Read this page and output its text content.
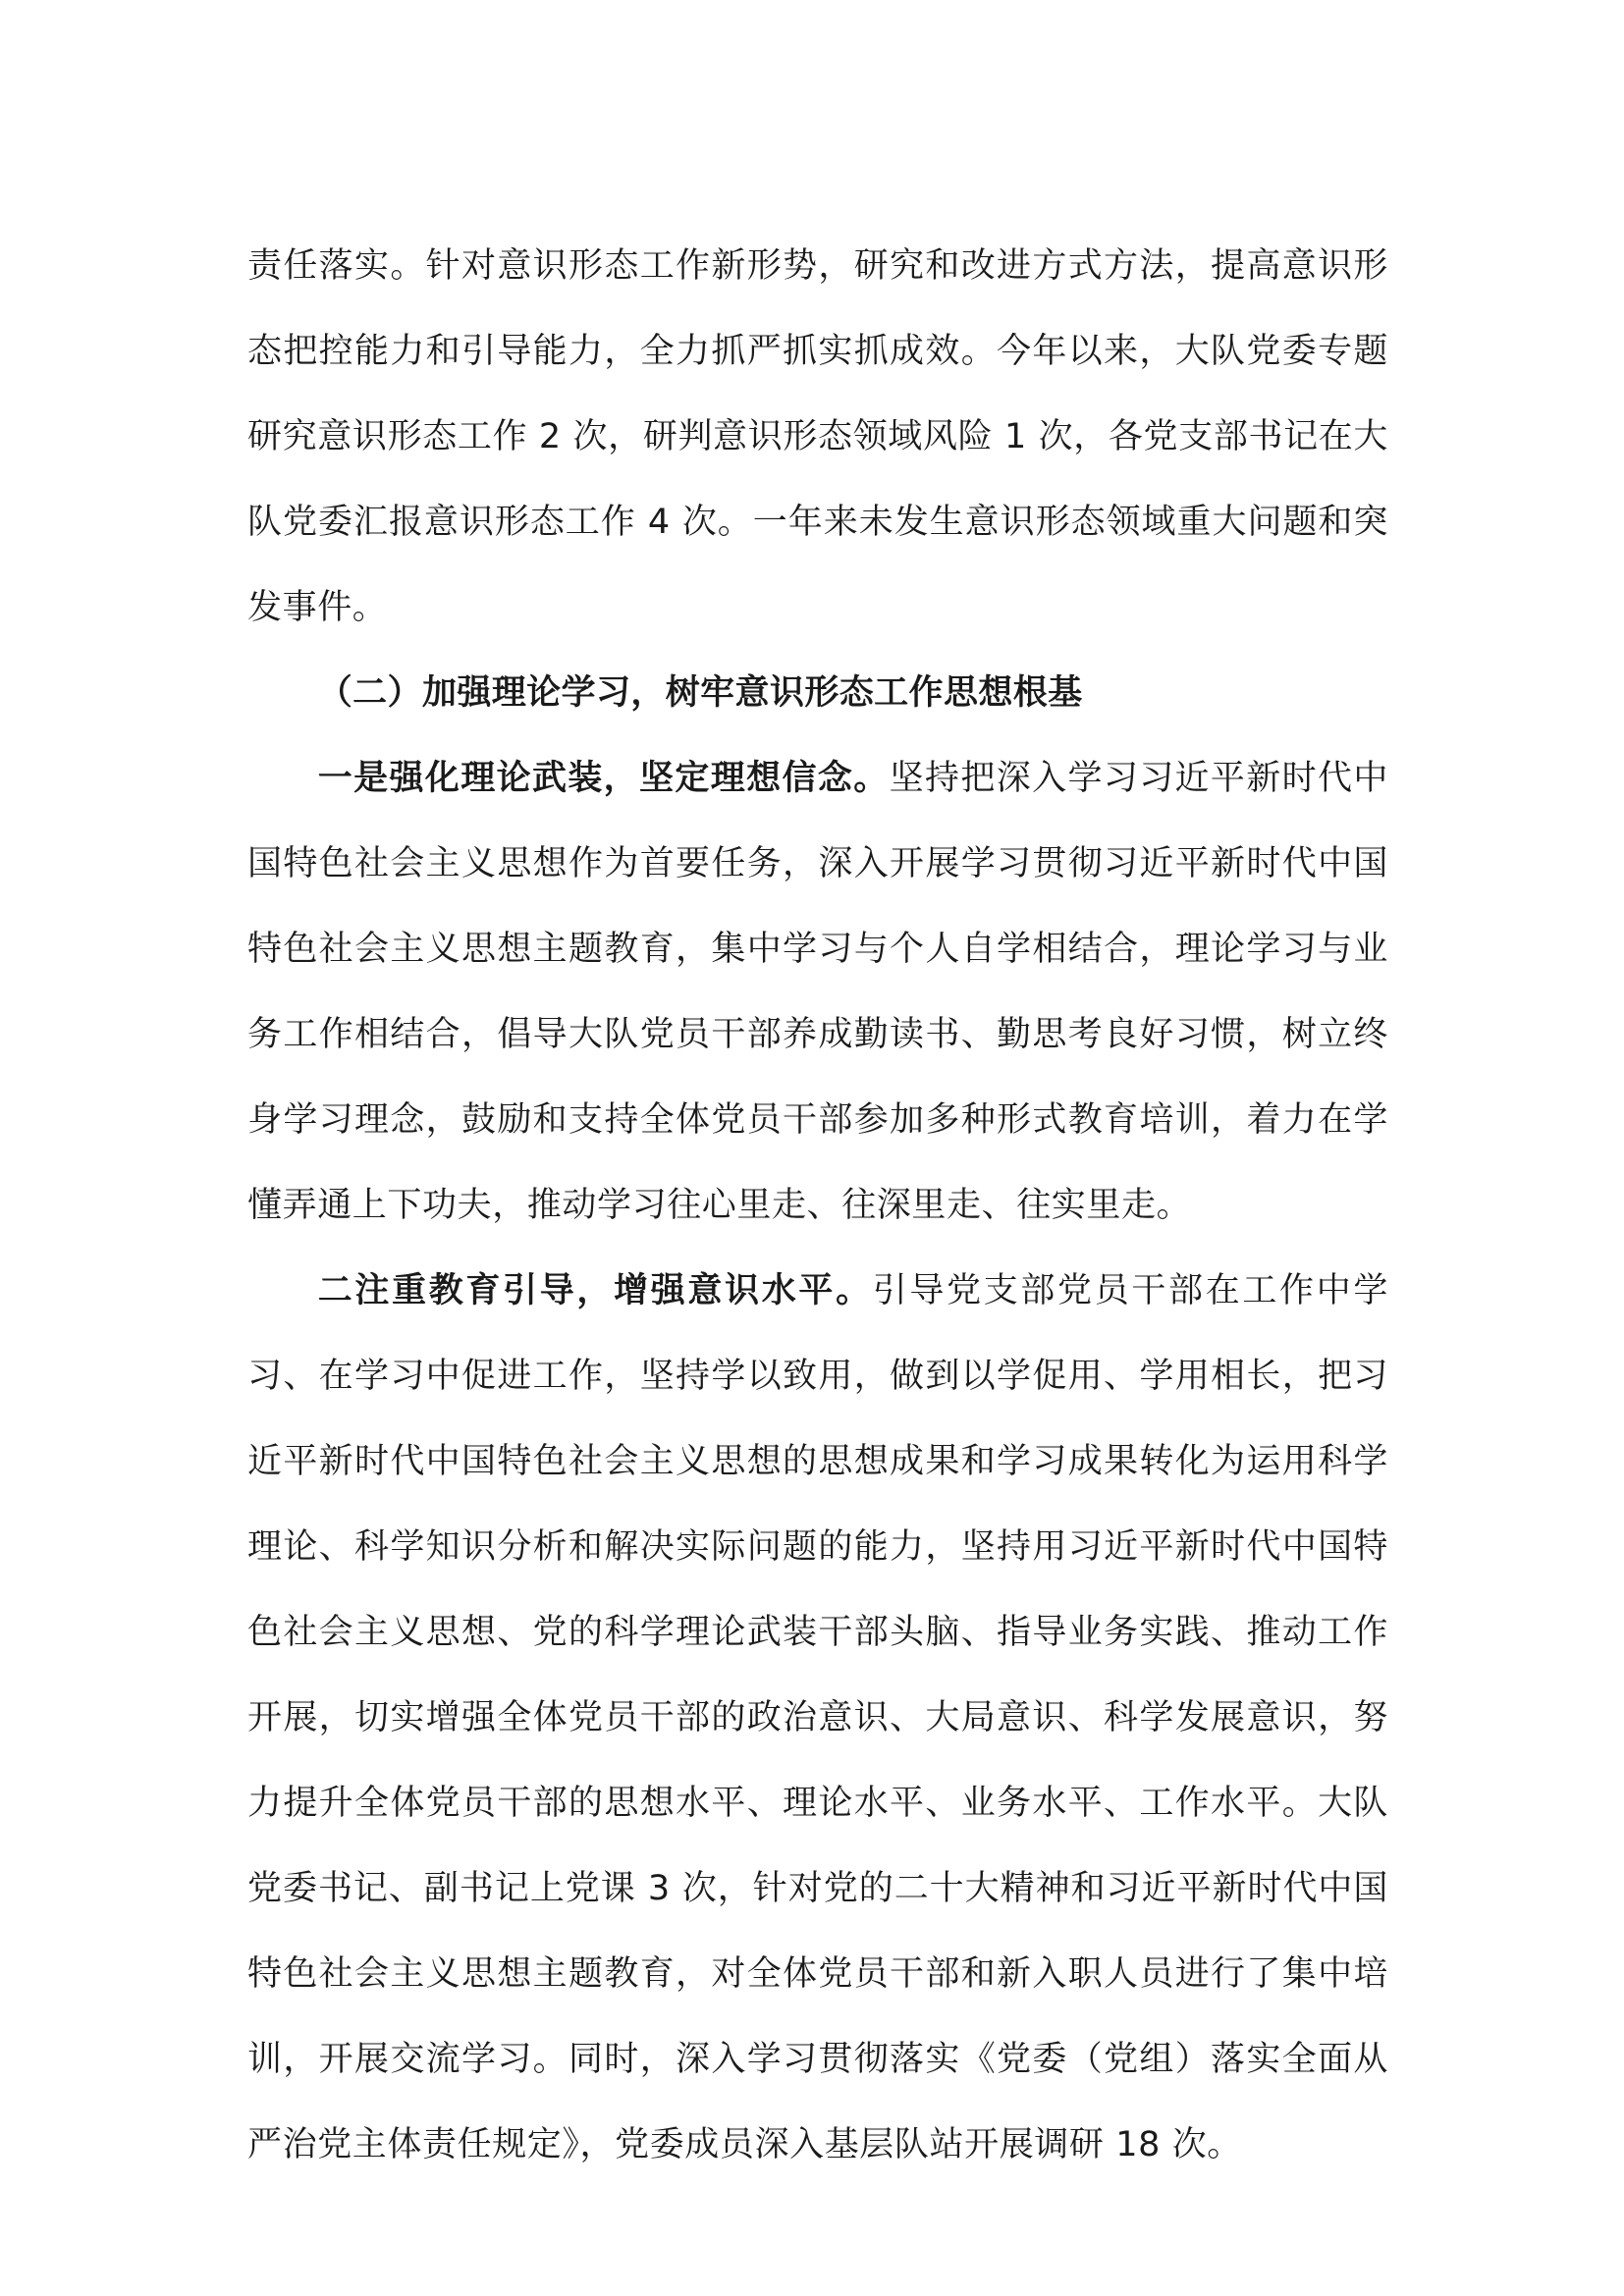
责任落实。针对意识形态工作新形势，研究和改进方式方法，提高意识形态把控能力和引导能力，全力抓严抓实抓成效。今年以来，大队党委专题研究意识形态工作 2 次，研判意识形态领域风险 1 次，各党支部书记在大队党委汇报意识形态工作 4 次。一年来未发生意识形态领域重大问题和突发事件。

（二）加强理论学习，树牢意识形态工作思想根基

一是强化理论武装，坚定理想信念。坚持把深入学习习近平新时代中国特色社会主义思想作为首要任务，深入开展学习贯彻习近平新时代中国特色社会主义思想主题教育，集中学习与个人自学相结合，理论学习与业务工作相结合，倡导大队党员干部养成勤读书、勤思考良好习惯，树立终身学习理念，鼓励和支持全体党员干部参加多种形式教育培训，着力在学懂弄通上下功夫，推动学习往心里走、往深里走、往实里走。

二注重教育引导，增强意识水平。引导党支部党员干部在工作中学习、在学习中促进工作，坚持学以致用，做到以学促用、学用相长，把习近平新时代中国特色社会主义思想的思想成果和学习成果转化为运用科学理论、科学知识分析和解决实际问题的能力，坚持用习近平新时代中国特色社会主义思想、党的科学理论武装干部头脑、指导业务实践、推动工作开展，切实增强全体党员干部的政治意识、大局意识、科学发展意识，努力提升全体党员干部的思想水平、理论水平、业务水平、工作水平。大队党委书记、副书记上党课 3 次，针对党的二十大精神和习近平新时代中国特色社会主义思想主题教育，对全体党员干部和新入职人员进行了集中培训，开展交流学习。同时，深入学习贯彻落实《党委（党组）落实全面从严治党主体责任规定》，党委成员深入基层队站开展调研 18 次。
